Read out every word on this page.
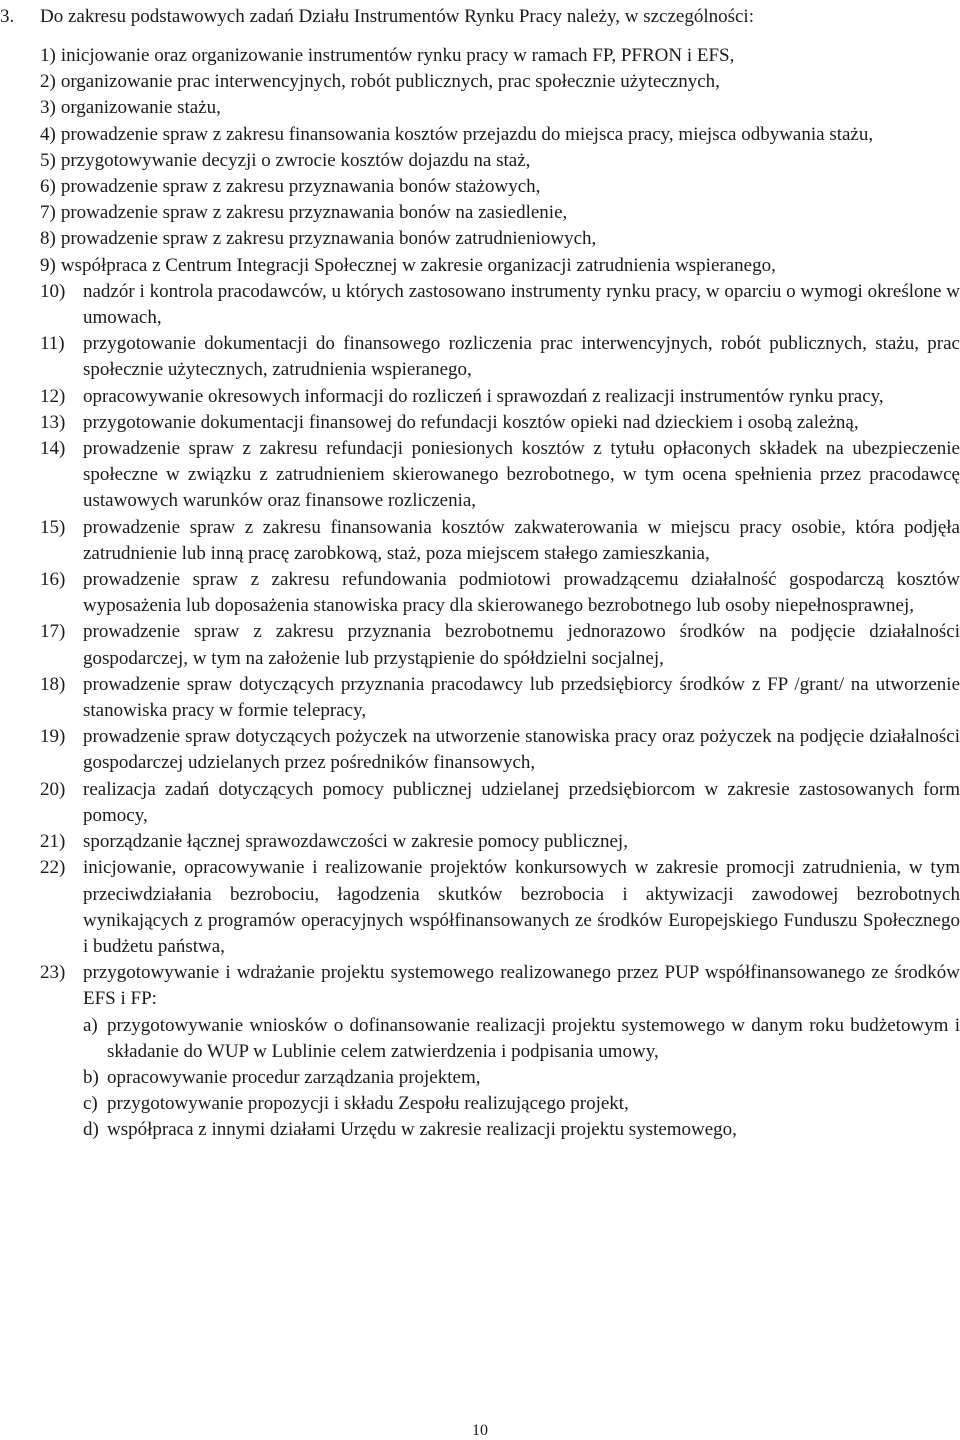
3. Do zakresu podstawowych zadań Działu Instrumentów Rynku Pracy należy, w szczególności:
1) inicjowanie oraz organizowanie instrumentów rynku pracy w ramach FP, PFRON i EFS,
2) organizowanie prac interwencyjnych, robót publicznych, prac społecznie użytecznych,
3) organizowanie stażu,
4) prowadzenie spraw z zakresu finansowania kosztów przejazdu do miejsca pracy, miejsca odbywania stażu,
5) przygotowywanie decyzji o zwrocie kosztów dojazdu na staż,
6) prowadzenie spraw z zakresu przyznawania bonów stażowych,
7) prowadzenie spraw z zakresu przyznawania bonów na zasiedlenie,
8) prowadzenie spraw z zakresu przyznawania bonów zatrudnieniowych,
9) współpraca z Centrum Integracji Społecznej w zakresie organizacji zatrudnienia wspieranego,
10) nadzór i kontrola pracodawców, u których zastosowano instrumenty rynku pracy, w oparciu o wymogi określone w umowach,
11) przygotowanie dokumentacji do finansowego rozliczenia prac interwencyjnych, robót publicznych, stażu, prac społecznie użytecznych, zatrudnienia wspieranego,
12) opracowywanie okresowych informacji do rozliczeń i sprawozdań z realizacji instrumentów rynku pracy,
13) przygotowanie dokumentacji finansowej do refundacji kosztów opieki nad dzieckiem i osobą zależną,
14) prowadzenie spraw z zakresu refundacji poniesionych kosztów z tytułu opłaconych składek na ubezpieczenie społeczne w związku z zatrudnieniem skierowanego bezrobotnego, w tym ocena spełnienia przez pracodawcę ustawowych warunków oraz finansowe rozliczenia,
15) prowadzenie spraw z zakresu finansowania kosztów zakwaterowania w miejscu pracy osobie, która podjęła zatrudnienie lub inną pracę zarobkową, staż, poza miejscem stałego zamieszkania,
16) prowadzenie spraw z zakresu refundowania podmiotowi prowadzącemu działalność gospodarczą kosztów wyposażenia lub doposażenia stanowiska pracy dla skierowanego bezrobotnego lub osoby niepełnosprawnej,
17) prowadzenie spraw z zakresu przyznania bezrobotnemu jednorazowo środków na podjęcie działalności gospodarczej, w tym na założenie lub przystąpienie do spółdzielni socjalnej,
18) prowadzenie spraw dotyczących przyznania pracodawcy lub przedsiębiorcy środków z FP /grant/ na utworzenie stanowiska pracy w formie telepracy,
19) prowadzenie spraw dotyczących pożyczek na utworzenie stanowiska pracy oraz pożyczek na podjęcie działalności gospodarczej udzielanych przez pośredników finansowych,
20) realizacja zadań dotyczących pomocy publicznej udzielanej przedsiębiorcom w zakresie zastosowanych form pomocy,
21) sporządzanie łącznej sprawozdawczości w zakresie pomocy publicznej,
22) inicjowanie, opracowywanie i realizowanie projektów konkursowych w zakresie promocji zatrudnienia, w tym przeciwdziałania bezrobociu, łagodzenia skutków bezrobocia i aktywizacji zawodowej bezrobotnych wynikających z programów operacyjnych współfinansowanych ze środków Europejskiego Funduszu Społecznego i budżetu państwa,
23) przygotowywanie i wdrażanie projektu systemowego realizowanego przez PUP współfinansowanego ze środków EFS i FP:
a) przygotowywanie wniosków o dofinansowanie realizacji projektu systemowego w danym roku budżetowym i składanie do WUP w Lublinie celem zatwierdzenia i podpisania umowy,
b) opracowywanie procedur zarządzania projektem,
c) przygotowywanie propozycji i składu Zespołu realizującego projekt,
d) współpraca z innymi działami Urzędu w zakresie realizacji projektu systemowego,
10
